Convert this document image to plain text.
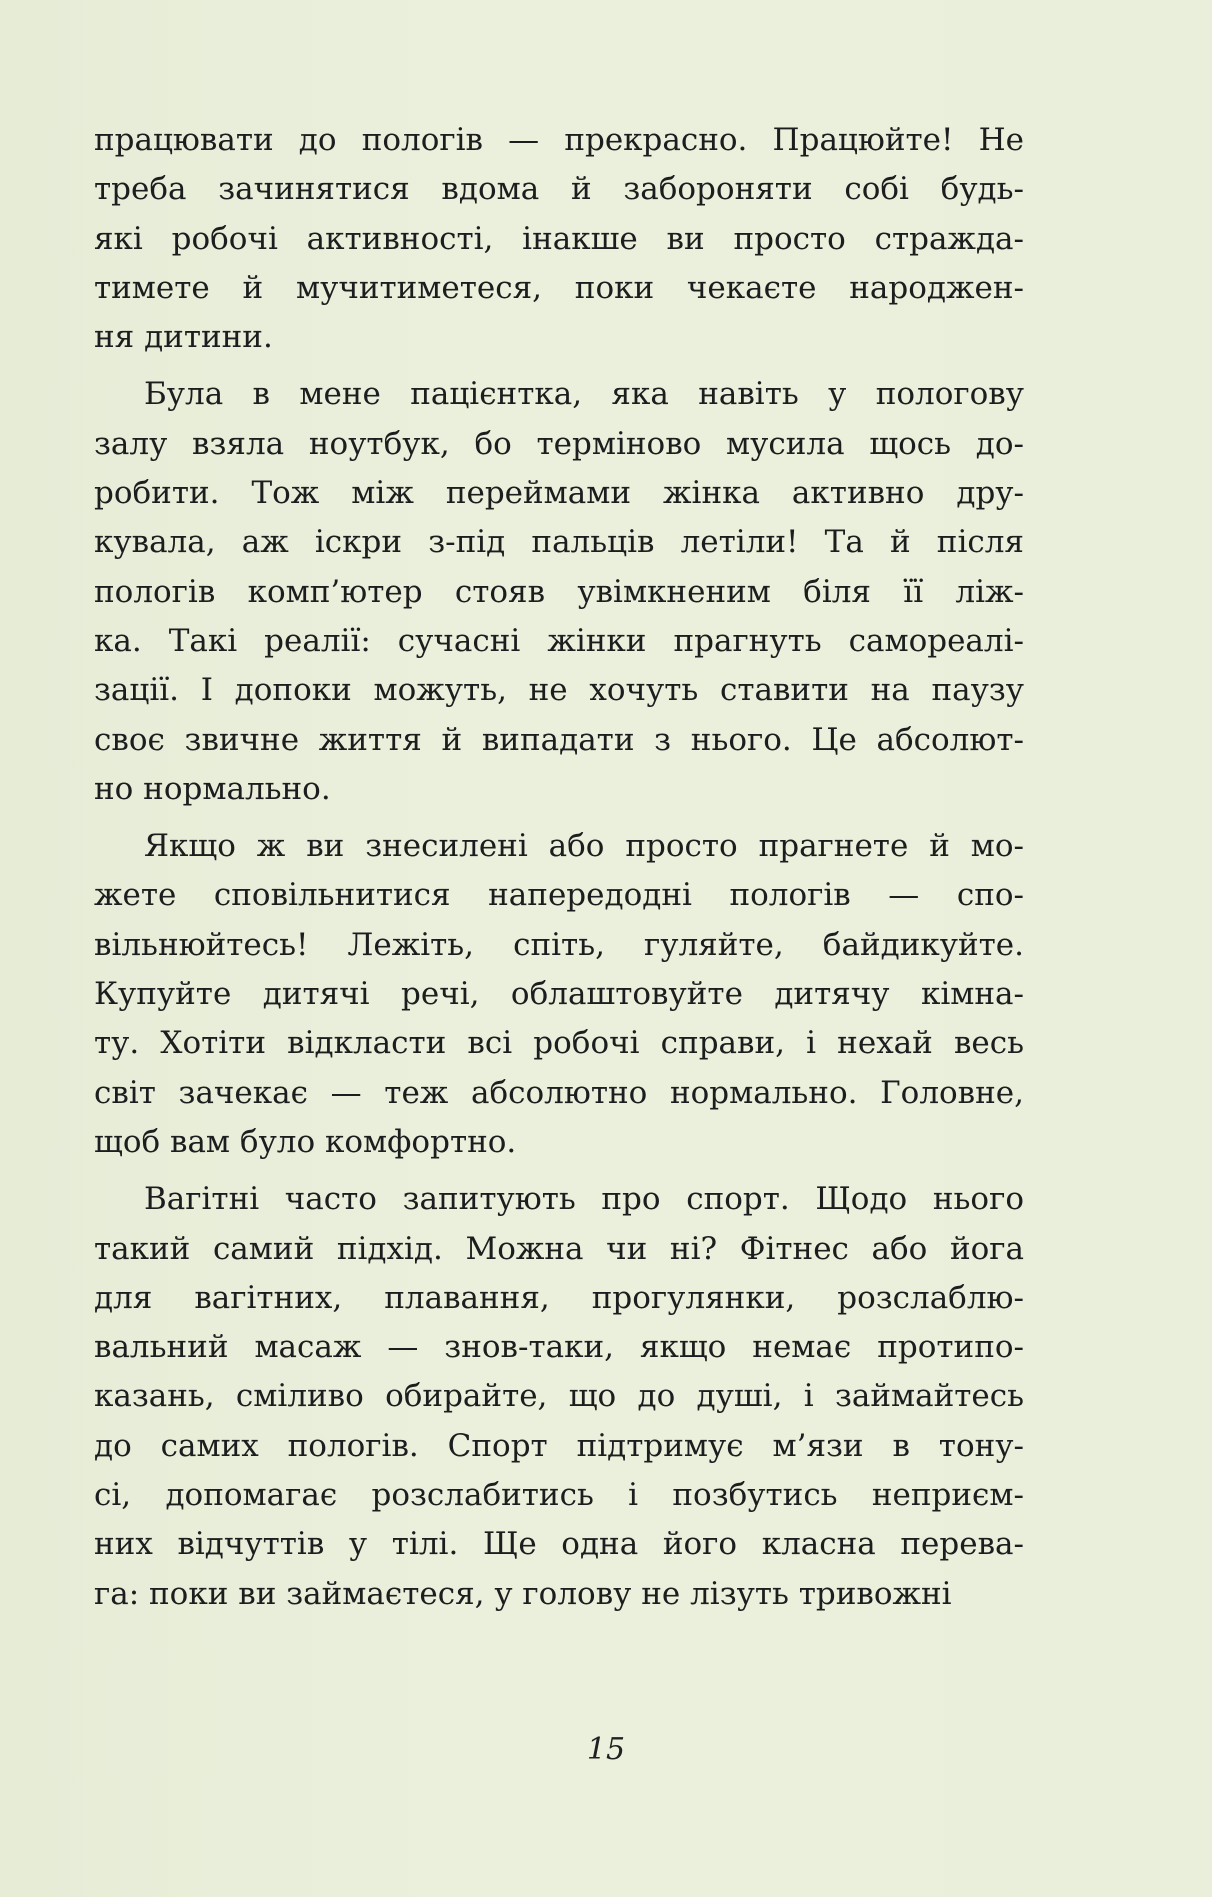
працювати до пологів — прекрасно. Працюйте! Не
треба зачинятися вдома й забороняти собі будь-
які робочі активності, інакше ви просто стражда-
тимете й мучитиметеся, поки чекаєте народжен-
ня дитини.
Була в мене пацієнтка, яка навіть у пологову
залу взяла ноутбук, бо терміново мусила щось до-
робити. Тож між переймами жінка активно дру-
кувала, аж іскри з-під пальців летіли! Та й після
пологів комп’ютер стояв увімкненим біля її ліж-
ка. Такі реалії: сучасні жінки прагнуть самореалі-
зації. І допоки можуть, не хочуть ставити на паузу
своє звичне життя й випадати з нього. Це абсолют-
но нормально.
Якщо ж ви знесилені або просто прагнете й мо-
жете сповільнитися напередодні пологів — спо-
вільнюйтесь! Лежіть, спіть, гуляйте, байдикуйте.
Купуйте дитячі речі, облаштовуйте дитячу кімна-
ту. Хотіти відкласти всі робочі справи, і нехай весь
світ зачекає — теж абсолютно нормально. Головне,
щоб вам було комфортно.
Вагітні часто запитують про спорт. Щодо нього
такий самий підхід. Можна чи ні? Фітнес або йога
для вагітних, плавання, прогулянки, розслаблю-
вальний масаж — знов-таки, якщо немає протипо-
казань, сміливо обирайте, що до душі, і займайтесь
до самих пологів. Спорт підтримує м’язи в тону-
сі, допомагає розслабитись і позбутись неприєм-
них відчуттів у тілі. Ще одна його класна перева-
га: поки ви займаєтеся, у голову не лізуть тривожні
15
